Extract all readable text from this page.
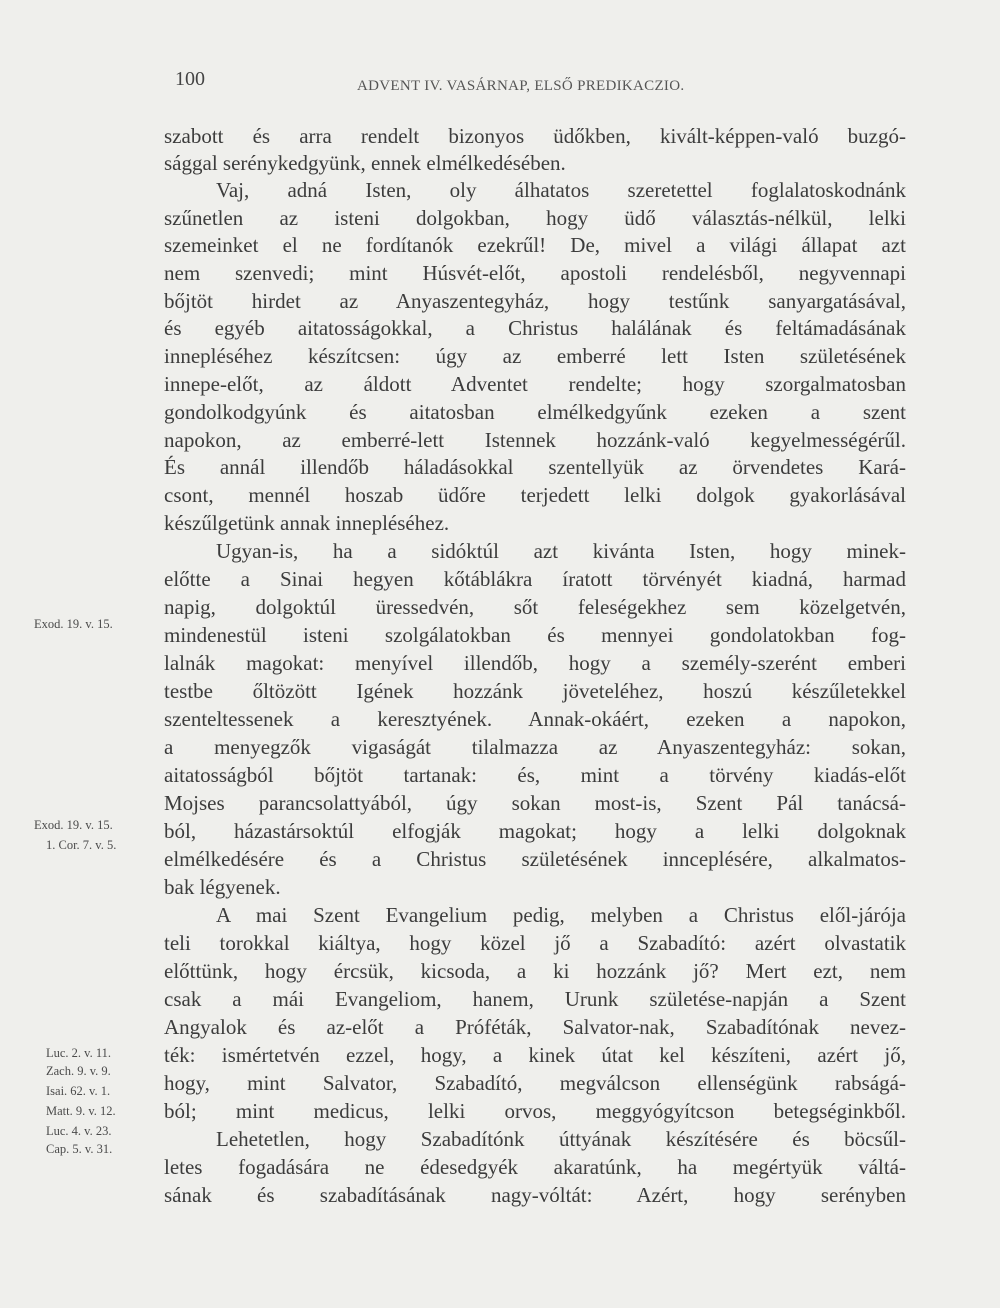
100	ADVENT IV. VASÁRNAP, ELSŐ PREDIKACZIO.
Exod. 19. v. 15.
Exod. 19. v. 15.
1. Cor. 7. v. 5.
Luc. 2. v. 11.
Zach. 9. v. 9.
Isai. 62. v. 1.
Matt. 9. v. 12.
Luc. 4. v. 23.
Cap. 5. v. 31.
szabott és arra rendelt bizonyos üdőkben, kivált-képpen-való buzgó-
sággal serénykedgyünk, ennek elmélkedésében.
Vaj, adná Isten, oly álhatatos szeretettel foglalatoskodnánk
szűnetlen az isteni dolgokban, hogy üdő választás-nélkül, lelki
szemeinket el ne fordítanók ezekrűl! De, mivel a világi állapat azt
nem szenvedi; mint Húsvét-előt, apostoli rendelésből, negyvennapi
bőjtöt hirdet az Anyaszentegyház, hogy testűnk sanyargatásával,
és egyéb aitatosságokkal, a Christus halálának és feltámadásának
innepléséhez készítcsen: úgy az emberré lett Isten születésének
innepe-előt, az áldott Adventet rendelte; hogy szorgalmatosban
gondolkodgyúnk és aitatosban elmélkedgyűnk ezeken a szent
napokon, az emberré-lett Istennek hozzánk-való kegyelmességérűl.
És annál illendőb háladásokkal szentellyük az örvendetes Kará-
csont, mennél hoszab üdőre terjedett lelki dolgok gyakorlásával
készűlgetünk annak innepléséhez.
Ugyan-is, ha a sidóktúl azt kivánta Isten, hogy minek-
előtte a Sinai hegyen kőtáblákra íratott törvényét kiadná, harmad
napig, dolgoktúl üressedvén, sőt feleségekhez sem közelgetvén,
mindenestül isteni szolgálatokban és mennyei gondolatokban fog-
lalnák magokat: menyível illendőb, hogy a személy-szerént emberi
testbe őltözött Igének hozzánk jöveteléhez, hoszú készűletekkel
szenteltessenek a keresztyének. Annak-okáért, ezeken a napokon,
a menyegzők vigaságát tilalmazza az Anyaszentegyház: sokan,
aitatosságból bőjtöt tartanak: és, mint a törvény kiadás-előt
Mojses parancsolattyából, úgy sokan most-is, Szent Pál tanácsá-
ból, házastársoktúl elfogják magokat; hogy a lelki dolgoknak
elmélkedésére és a Christus születésének innceplésére, alkalmatos-
bak légyenek.
A mai Szent Evangelium pedig, melyben a Christus elől-járója
teli torokkal kiáltya, hogy közel jő a Szabadító: azért olvastatik
előttünk, hogy ércsük, kicsoda, a ki hozzánk jő? Mert ezt, nem
csak a mái Evangeliom, hanem, Urunk születése-napján a Szent
Angyalok és az-előt a Próféták, Salvator-nak, Szabadítónak nevez-
ték: ismértetvén ezzel, hogy, a kinek útat kel készíteni, azért jő,
hogy, mint Salvator, Szabadító, megválcson ellenségünk rabságá-
ból; mint medicus, lelki orvos, meggyógyítcson betegséginkből.
Lehetetlen, hogy Szabadítónk úttyának készítésére és böcsűl-
letes fogadására ne édesedgyék akaratúnk, ha megértyük váltá-
sának és szabadításának nagy-vóltát: Azért, hogy serényben
